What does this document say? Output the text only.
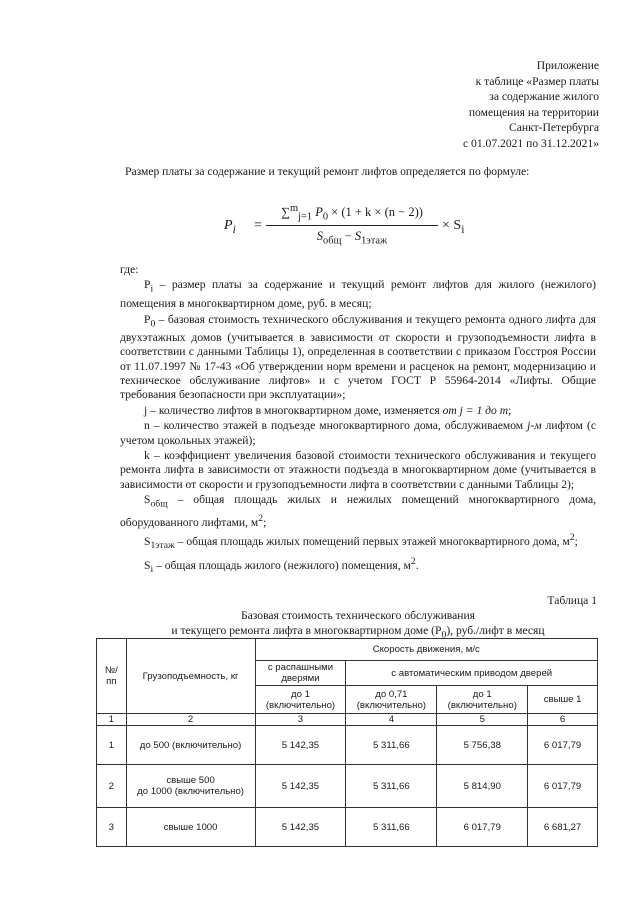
Приложение
к таблице «Размер платы
за содержание жилого
помещения на территории
Санкт-Петербурга
с 01.07.2021 по 31.12.2021»
Размер платы за содержание и текущий ремонт лифтов определяется по формуле:
$P_i$ =
∑$^m_{j=1}$ $P_0 \times (1 + k \times (n - 2))$
$S_{общ} - S_{1этаж}$
× $S_i$

где:

$P_i$ – размер платы за содержание и текущий ремонт лифтов для жилого (нежилого) помещения в многоквартирном доме, руб. в месяц;

$P_0$ – базовая стоимость технического обслуживания и текущего ремонта одного лифта для двухэтажных домов (учитывается в зависимости от скорости и грузоподъемности лифта в соответствии с данными Таблицы 1), определенная в соответствии с приказом Госстроя России от 11.07.1997 № 17-43 «Об утверждении норм времени и расценок на ремонт, модернизацию и техническое обслуживание лифтов» и с учетом ГОСТ Р 55964-2014 «Лифты. Общие требования безопасности при эксплуатации»;

j – количество лифтов в многоквартирном доме, изменяется от j = 1 до m;

n – количество этажей в подъезде многоквартирного дома, обслуживаемом j-м лифтом (с учетом цокольных этажей);

k – коэффициент увеличения базовой стоимости технического обслуживания и текущего ремонта лифта в зависимости от этажности подъезда в многоквартирном доме (учитывается в зависимости от скорости и грузоподъемности лифта в соответствии с данными Таблицы 2);

$S_{общ}$ – общая площадь жилых и нежилых помещений многоквартирного дома, оборудованного лифтами, $м^2$;

$S_{1этаж}$ – общая площадь жилых помещений первых этажей многоквартирного дома, $м^2$;

$S_i$ – общая площадь жилого (нежилого) помещения, $м^2$.

Таблица 1
Базовая стоимость технического обслуживания
и текущего ремонта лифта в многоквартирном доме $(P_0)$, руб./лифт в месяц
№/ пп	Грузоподъемность, кг	Скорость движения, м/с			
		с распашными дверями	с автоматическим приводом дверей		
		до 1 (включительно)	до 0,71 (включительно)	до 1 (включительно)	свыше 1
1	2	3	4	5	6
1	до 500 (включительно)	5 142,35	5 311,66	5 756,38	6 017,79
2	свыше 500
до 1000 (включительно)	5 142,35	5 311,66	5 814,90	6 017,79
3	свыше 1000	5 142,35	5 311,66	6 017,79	6 681,27
